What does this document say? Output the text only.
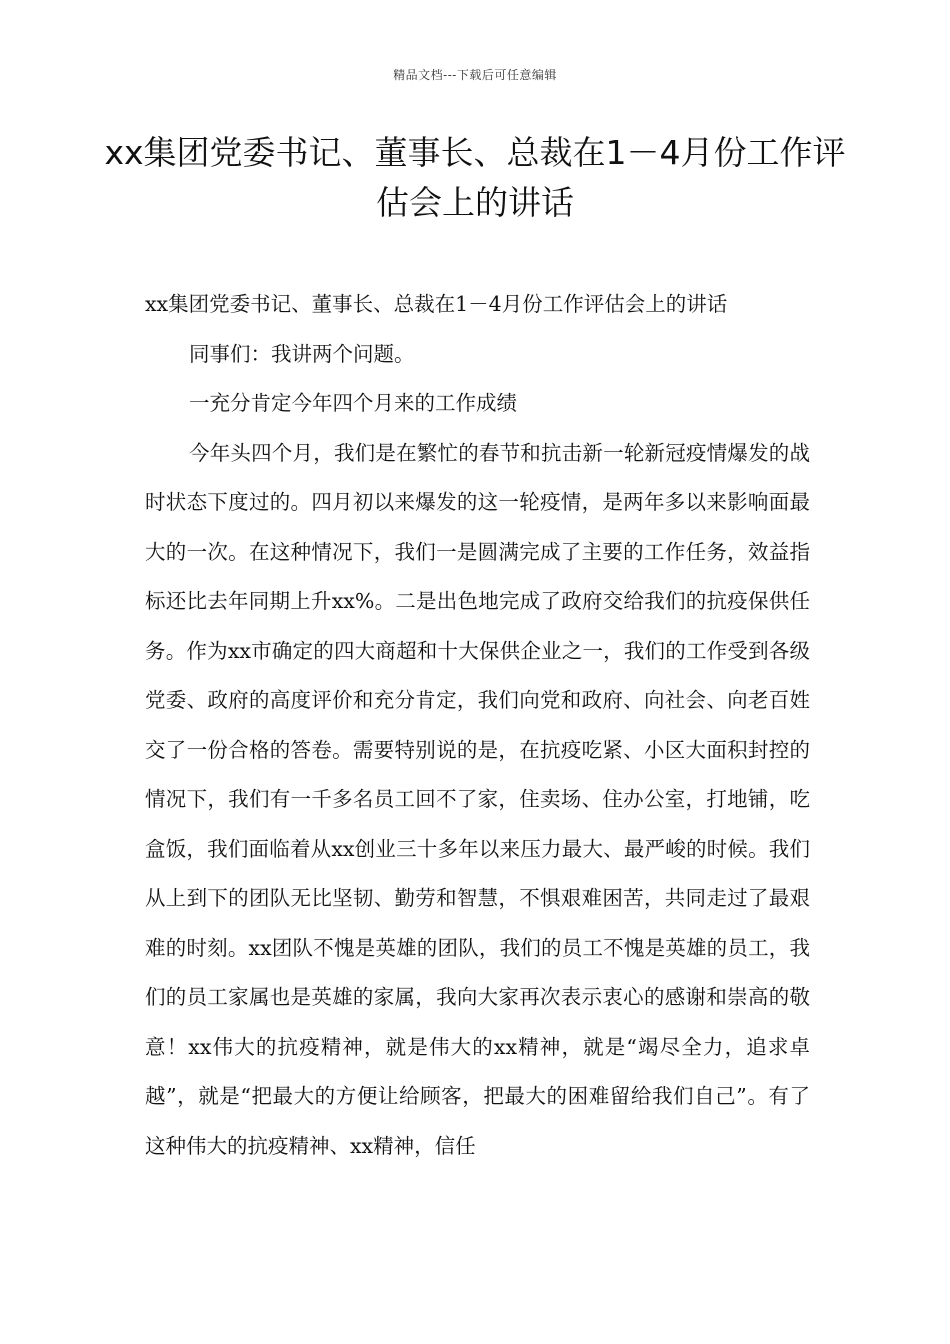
精品文档---下载后可任意编辑
xx集团党委书记、董事长、总裁在1－4月份工作评估会上的讲话

xx集团党委书记、董事长、总裁在1－4月份工作评估会上的讲话

同事们：我讲两个问题。

一充分肯定今年四个月来的工作成绩

今年头四个月，我们是在繁忙的春节和抗击新一轮新冠疫情爆发的战时状态下度过的。四月初以来爆发的这一轮疫情，是两年多以来影响面最大的一次。在这种情况下，我们一是圆满完成了主要的工作任务，效益指标还比去年同期上升xx%。二是出色地完成了政府交给我们的抗疫保供任务。作为xx市确定的四大商超和十大保供企业之一，我们的工作受到各级党委、政府的高度评价和充分肯定，我们向党和政府、向社会、向老百姓交了一份合格的答卷。需要特别说的是，在抗疫吃紧、小区大面积封控的情况下，我们有一千多名员工回不了家，住卖场、住办公室，打地铺，吃盒饭，我们面临着从xx创业三十多年以来压力最大、最严峻的时候。我们从上到下的团队无比坚韧、勤劳和智慧，不惧艰难困苦，共同走过了最艰难的时刻。xx团队不愧是英雄的团队，我们的员工不愧是英雄的员工，我们的员工家属也是英雄的家属，我向大家再次表示衷心的感谢和崇高的敬意！xx伟大的抗疫精神，就是伟大的xx精神，就是“竭尽全力，追求卓越”，就是“把最大的方便让给顾客，把最大的困难留给我们自己”。有了这种伟大的抗疫精神、xx精神，信任
